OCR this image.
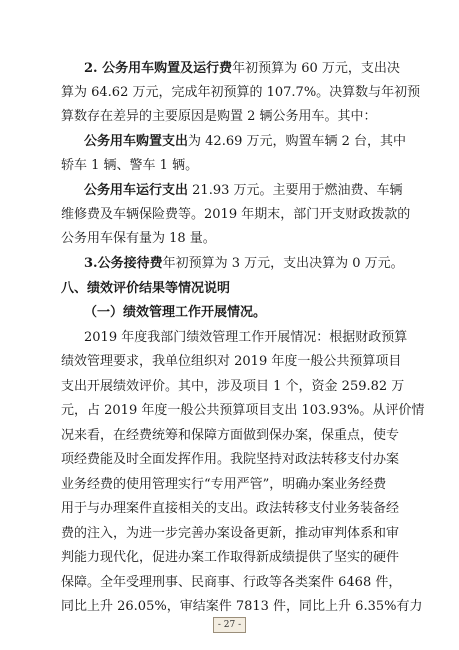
2. 公务用车购置及运行费年初预算为 60 万元，支出决
算为 64.62 万元，完成年初预算的 107.7%。决算数与年初预
算数存在差异的主要原因是购置 2 辆公务用车。其中：
公务用车购置支出为 42.69 万元，购置车辆 2 台，其中
轿车 1 辆、警车 1 辆。
公务用车运行支出 21.93 万元。主要用于燃油费、车辆
维修费及车辆保险费等。2019 年期末，部门开支财政拨款的
公务用车保有量为 18 量。
3.公务接待费年初预算为 3 万元，支出决算为 0 万元。
八、绩效评价结果等情况说明
（一）绩效管理工作开展情况。
2019 年度我部门绩效管理工作开展情况：根据财政预算
绩效管理要求，我单位组织对 2019 年度一般公共预算项目
支出开展绩效评价。其中，涉及项目 1 个，资金 259.82 万
元，占 2019 年度一般公共预算项目支出 103.93%。从评价情
况来看，在经费统筹和保障方面做到保办案，保重点，使专
项经费能及时全面发挥作用。我院坚持对政法转移支付办案
业务经费的使用管理实行“专用严管”，明确办案业务经费
用于与办理案件直接相关的支出。政法转移支付业务装备经
费的注入，为进一步完善办案设备更新，推动审判体系和审
判能力现代化，促进办案工作取得新成绩提供了坚实的硬件
保障。全年受理刑事、民商事、行政等各类案件 6468 件，
同比上升 26.05%，审结案件 7813 件，同比上升 6.35%有力
- 27 -
